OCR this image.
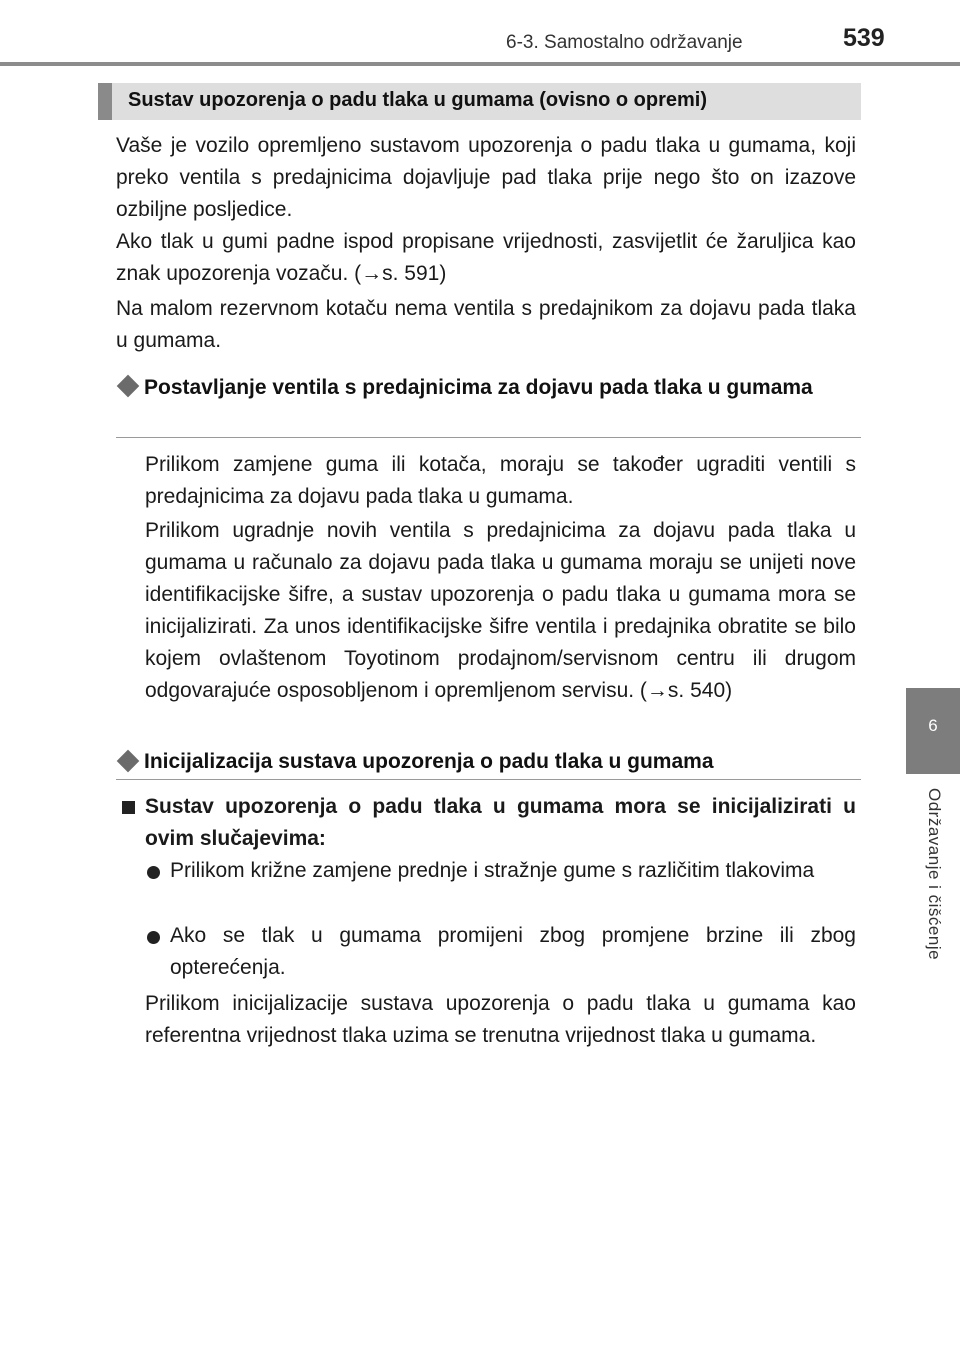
6-3. Samostalno održavanje	539
6
Održavanje i čišćenje
Sustav upozorenja o padu tlaka u gumama (ovisno o opremi)

Vaše je vozilo opremljeno sustavom upozorenja o padu tlaka u gumama, koji preko ventila s predajnicima dojavljuje pad tlaka prije nego što on izazove ozbiljne posljedice.

Ako tlak u gumi padne ispod propisane vrijednosti, zasvijetlit će žaruljica kao znak upozorenja vozaču. (→s. 591)

Na malom rezervnom kotaču nema ventila s predajnikom za dojavu pada tlaka u gumama.

Postavljanje ventila s predajnicima za dojavu pada tlaka u gumama

Prilikom zamjene guma ili kotača, moraju se također ugraditi ventili s predajnicima za dojavu pada tlaka u gumama.

Prilikom ugradnje novih ventila s predajnicima za dojavu pada tlaka u gumama u računalo za dojavu pada tlaka u gumama moraju se unijeti nove identifikacijske šifre, a sustav upozorenja o padu tlaka u gumama mora se inicijalizirati. Za unos identifikacijske šifre ventila i predajnika obratite se bilo kojem ovlaštenom Toyotinom prodajnom/servisnom centru ili drugom odgovarajuće osposobljenom i opremljenom servisu. (→s. 540)

Inicijalizacija sustava upozorenja o padu tlaka u gumama

Sustav upozorenja o padu tlaka u gumama mora se inicijalizirati u ovim slučajevima:

Prilikom križne zamjene prednje i stražnje gume s različitim tlakovima

Ako se tlak u gumama promijeni zbog promjene brzine ili zbog opterećenja.

Prilikom inicijalizacije sustava upozorenja o padu tlaka u gumama kao referentna vrijednost tlaka uzima se trenutna vrijednost tlaka u gumama.
